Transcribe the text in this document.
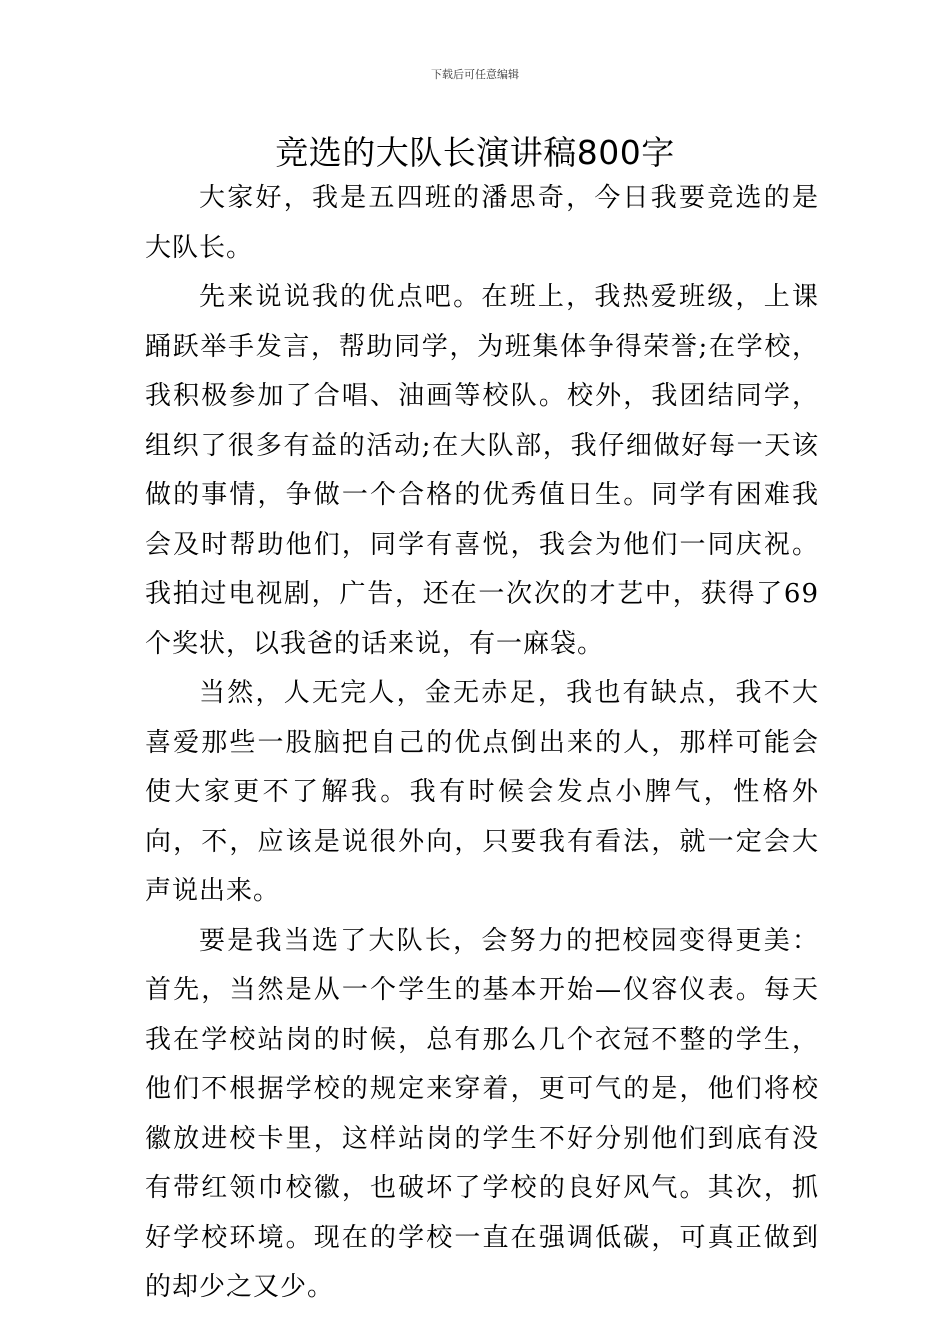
下载后可任意编辑
竞选的大队长演讲稿800字

大家好，我是五四班的潘思奇，今日我要竞选的是大队长。

先来说说我的优点吧。在班上，我热爱班级，上课踊跃举手发言，帮助同学，为班集体争得荣誉;在学校，我积极参加了合唱、油画等校队。校外，我团结同学，组织了很多有益的活动;在大队部，我仔细做好每一天该做的事情，争做一个合格的优秀值日生。同学有困难我会及时帮助他们，同学有喜悦，我会为他们一同庆祝。我拍过电视剧，广告，还在一次次的才艺中，获得了69个奖状，以我爸的话来说，有一麻袋。

当然，人无完人，金无赤足，我也有缺点，我不大喜爱那些一股脑把自己的优点倒出来的人，那样可能会使大家更不了解我。我有时候会发点小脾气，性格外向，不，应该是说很外向，只要我有看法，就一定会大声说出来。

要是我当选了大队长，会努力的把校园变得更美：首先，当然是从一个学生的基本开始—仪容仪表。每天我在学校站岗的时候，总有那么几个衣冠不整的学生，他们不根据学校的规定来穿着，更可气的是，他们将校徽放进校卡里，这样站岗的学生不好分别他们到底有没有带红领巾校徽，也破坏了学校的良好风气。其次，抓好学校环境。现在的学校一直在强调低碳，可真正做到的却少之又少。
